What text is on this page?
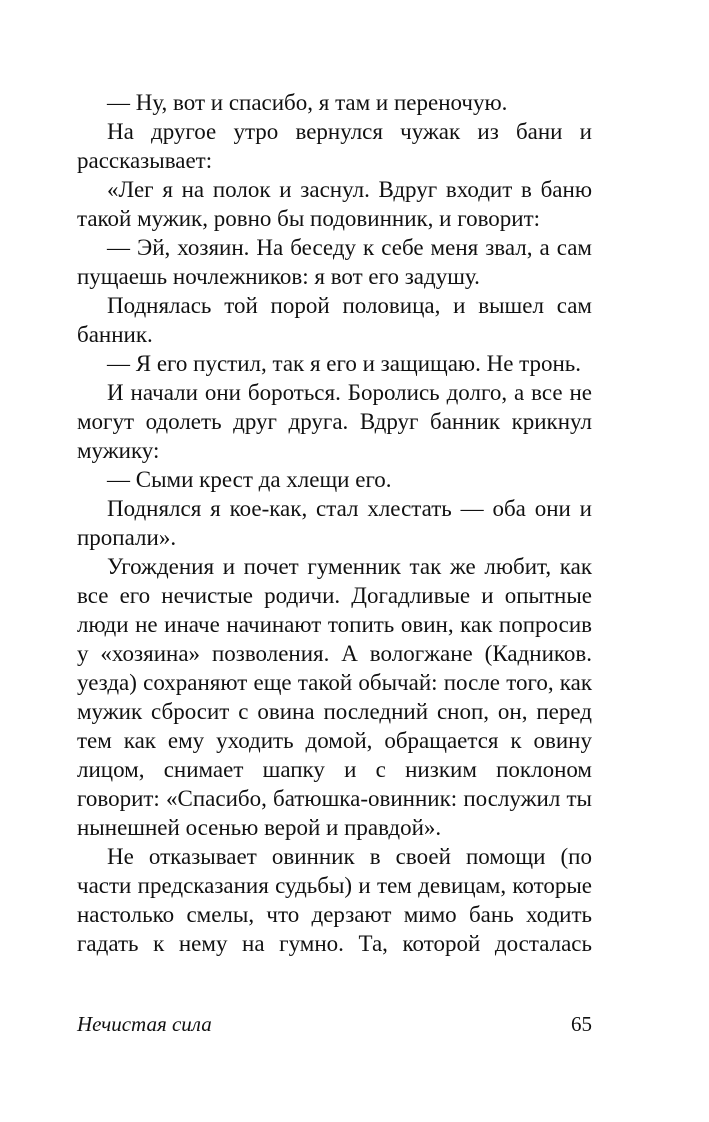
— Ну, вот и спасибо, я там и переночую.

На другое утро вернулся чужак из бани и рассказывает:

«Лег я на полок и заснул. Вдруг входит в баню такой мужик, ровно бы подовинник, и говорит:

— Эй, хозяин. На беседу к себе меня звал, а сам пущаешь ночлежников: я вот его задушу.

Поднялась той порой половица, и вышел сам банник.

— Я его пустил, так я его и защищаю. Не тронь.

И начали они бороться. Боролись долго, а все не могут одолеть друг друга. Вдруг банник крикнул мужику:

— Сыми крест да хлещи его.

Поднялся я кое-как, стал хлестать — оба они и пропали».

Угождения и почет гуменник так же любит, как все его нечистые родичи. Догадливые и опытные люди не иначе начинают топить овин, как попросив у «хозяина» позволения. А вологжане (Кадников. уезда) сохраняют еще такой обычай: после того, как мужик сбросит с овина последний сноп, он, перед тем как ему уходить домой, обращается к овину лицом, снимает шапку и с низким поклоном говорит: «Спасибо, батюшка-овинник: послужил ты нынешней осенью верой и правдой».

Не отказывает овинник в своей помощи (по части предсказания судьбы) и тем девицам, которые настолько смелы, что дерзают мимо бань ходить гадать к нему на гумно. Та, которой досталась

Нечистая сила	65
